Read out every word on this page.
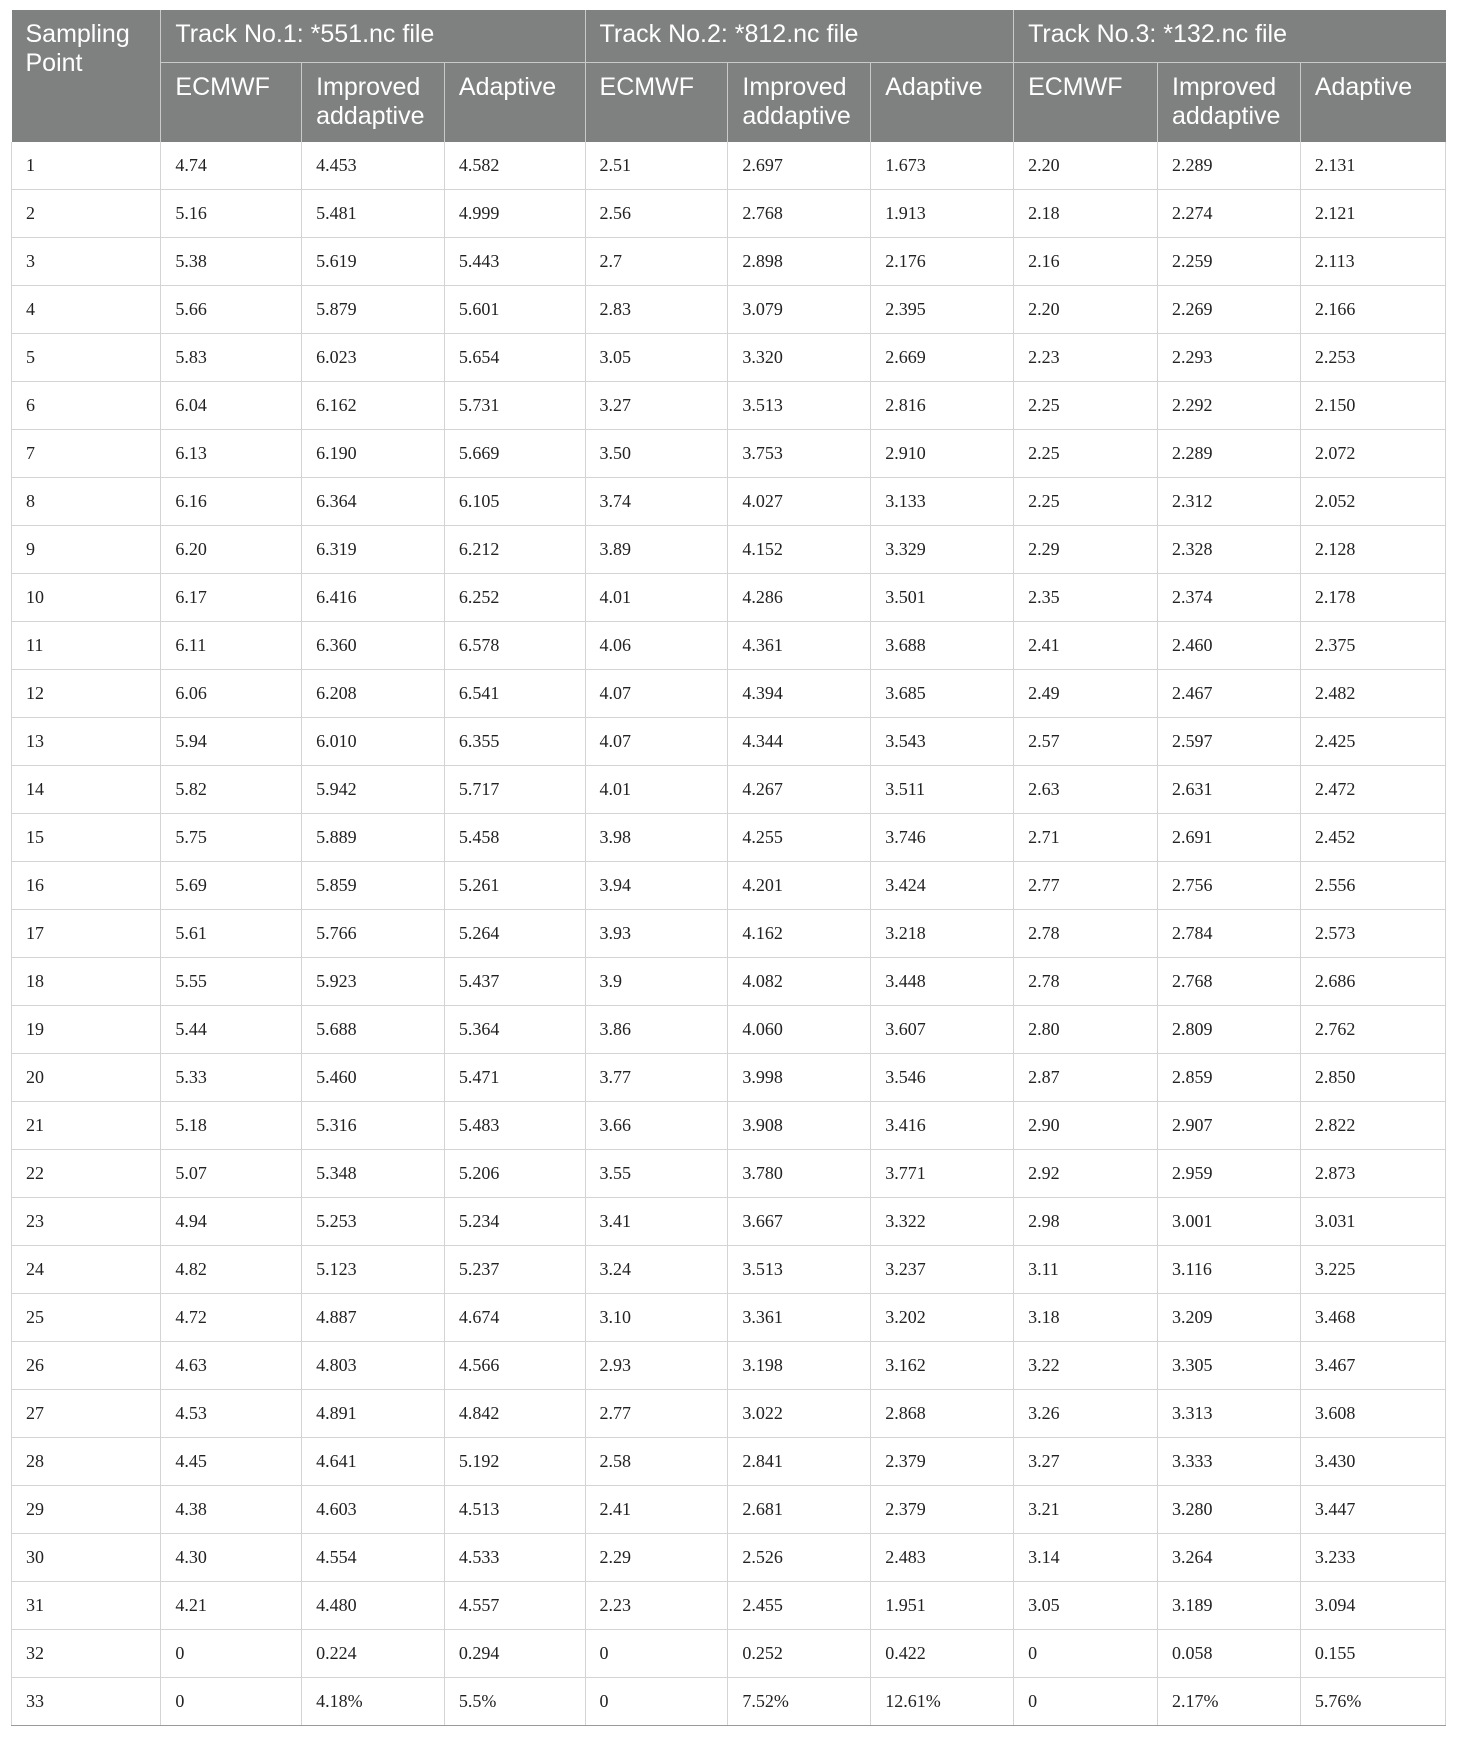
Sampling Point	Track No.1: *551.nc file			Track No.2: *812.nc file			Track No.3: *132.nc file		
	ECMWF	Improved addaptive	Adaptive	ECMWF	Improved addaptive	Adaptive	ECMWF	Improved addaptive	Adaptive
1	4.74	4.453	4.582	2.51	2.697	1.673	2.20	2.289	2.131
2	5.16	5.481	4.999	2.56	2.768	1.913	2.18	2.274	2.121
3	5.38	5.619	5.443	2.7	2.898	2.176	2.16	2.259	2.113
4	5.66	5.879	5.601	2.83	3.079	2.395	2.20	2.269	2.166
5	5.83	6.023	5.654	3.05	3.320	2.669	2.23	2.293	2.253
6	6.04	6.162	5.731	3.27	3.513	2.816	2.25	2.292	2.150
7	6.13	6.190	5.669	3.50	3.753	2.910	2.25	2.289	2.072
8	6.16	6.364	6.105	3.74	4.027	3.133	2.25	2.312	2.052
9	6.20	6.319	6.212	3.89	4.152	3.329	2.29	2.328	2.128
10	6.17	6.416	6.252	4.01	4.286	3.501	2.35	2.374	2.178
11	6.11	6.360	6.578	4.06	4.361	3.688	2.41	2.460	2.375
12	6.06	6.208	6.541	4.07	4.394	3.685	2.49	2.467	2.482
13	5.94	6.010	6.355	4.07	4.344	3.543	2.57	2.597	2.425
14	5.82	5.942	5.717	4.01	4.267	3.511	2.63	2.631	2.472
15	5.75	5.889	5.458	3.98	4.255	3.746	2.71	2.691	2.452
16	5.69	5.859	5.261	3.94	4.201	3.424	2.77	2.756	2.556
17	5.61	5.766	5.264	3.93	4.162	3.218	2.78	2.784	2.573
18	5.55	5.923	5.437	3.9	4.082	3.448	2.78	2.768	2.686
19	5.44	5.688	5.364	3.86	4.060	3.607	2.80	2.809	2.762
20	5.33	5.460	5.471	3.77	3.998	3.546	2.87	2.859	2.850
21	5.18	5.316	5.483	3.66	3.908	3.416	2.90	2.907	2.822
22	5.07	5.348	5.206	3.55	3.780	3.771	2.92	2.959	2.873
23	4.94	5.253	5.234	3.41	3.667	3.322	2.98	3.001	3.031
24	4.82	5.123	5.237	3.24	3.513	3.237	3.11	3.116	3.225
25	4.72	4.887	4.674	3.10	3.361	3.202	3.18	3.209	3.468
26	4.63	4.803	4.566	2.93	3.198	3.162	3.22	3.305	3.467
27	4.53	4.891	4.842	2.77	3.022	2.868	3.26	3.313	3.608
28	4.45	4.641	5.192	2.58	2.841	2.379	3.27	3.333	3.430
29	4.38	4.603	4.513	2.41	2.681	2.379	3.21	3.280	3.447
30	4.30	4.554	4.533	2.29	2.526	2.483	3.14	3.264	3.233
31	4.21	4.480	4.557	2.23	2.455	1.951	3.05	3.189	3.094
32	0	0.224	0.294	0	0.252	0.422	0	0.058	0.155
33	0	4.18%	5.5%	0	7.52%	12.61%	0	2.17%	5.76%
